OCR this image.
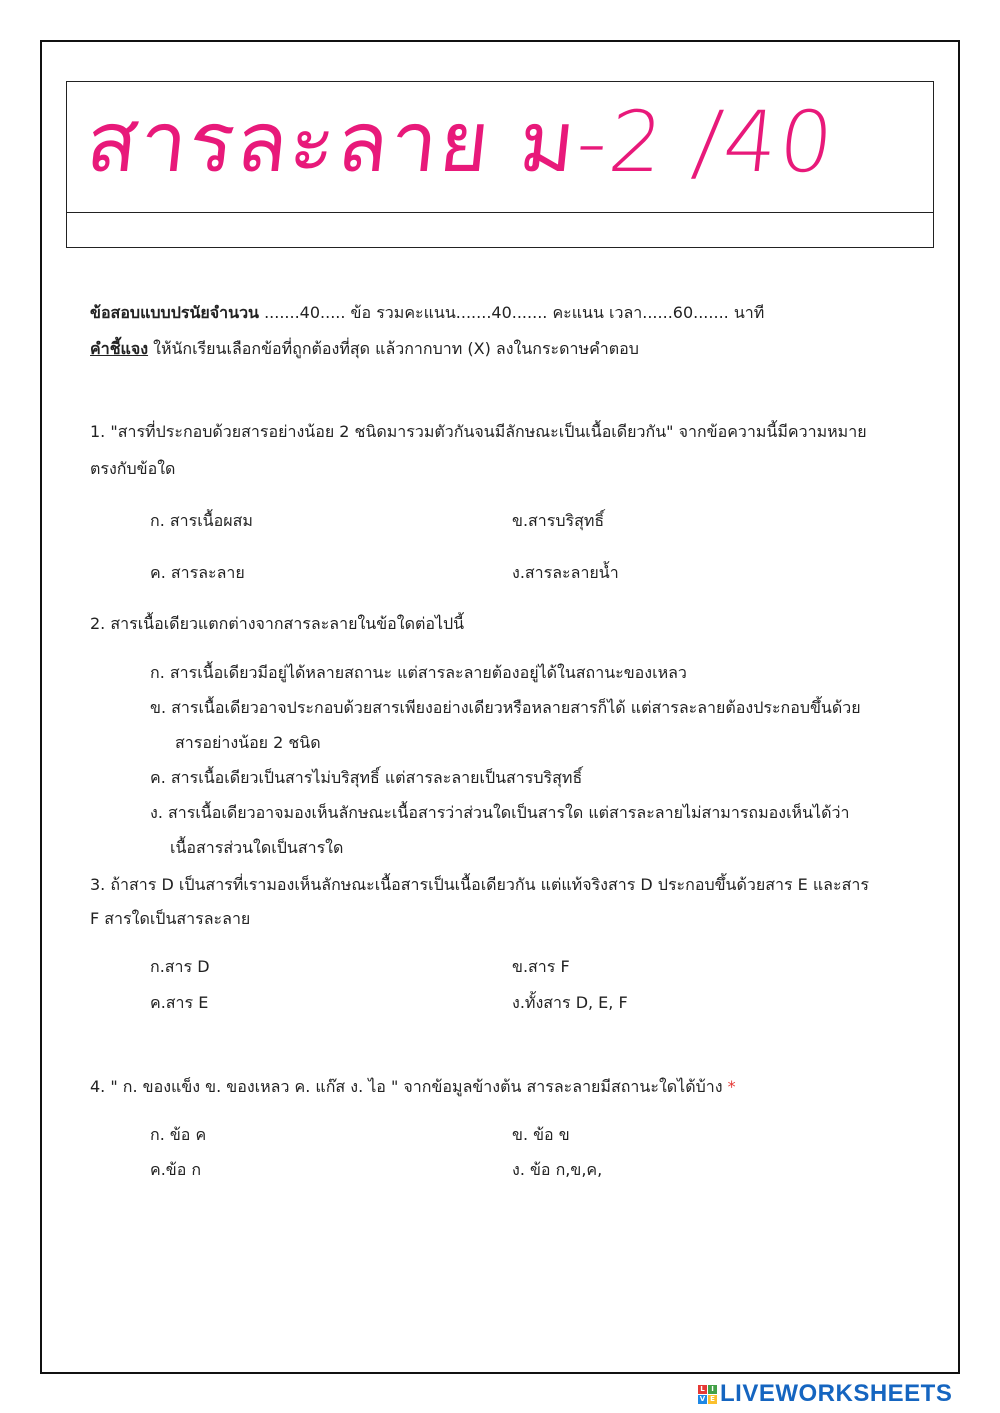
สารละลาย ม-2 /40
ข้อสอบแบบปรนัยจำนวน .......40..... ข้อ รวมคะแนน.......40....... คะแนน เวลา......60....... นาที
คำชี้แจง ให้นักเรียนเลือกข้อที่ถูกต้องที่สุด แล้วกากบาท (X) ลงในกระดาษคำตอบ
1. "สารที่ประกอบด้วยสารอย่างน้อย 2 ชนิดมารวมตัวกันจนมีลักษณะเป็นเนื้อเดียวกัน" จากข้อความนี้มีความหมาย
ตรงกับข้อใด
ก. สารเนื้อผสม	ข.สารบริสุทธิ์
ค. สารละลาย	ง.สารละลายน้ำ
2. สารเนื้อเดียวแตกต่างจากสารละลายในข้อใดต่อไปนี้
ก. สารเนื้อเดียวมีอยู่ได้หลายสถานะ แต่สารละลายต้องอยู่ได้ในสถานะของเหลว
ข. สารเนื้อเดียวอาจประกอบด้วยสารเพียงอย่างเดียวหรือหลายสารก็ได้ แต่สารละลายต้องประกอบขึ้นด้วย
สารอย่างน้อย 2 ชนิด
ค. สารเนื้อเดียวเป็นสารไม่บริสุทธิ์ แต่สารละลายเป็นสารบริสุทธิ์
ง. สารเนื้อเดียวอาจมองเห็นลักษณะเนื้อสารว่าส่วนใดเป็นสารใด แต่สารละลายไม่สามารถมองเห็นได้ว่า
เนื้อสารส่วนใดเป็นสารใด
3. ถ้าสาร D เป็นสารที่เรามองเห็นลักษณะเนื้อสารเป็นเนื้อเดียวกัน แต่แท้จริงสาร D ประกอบขึ้นด้วยสาร E และสาร
F สารใดเป็นสารละลาย
ก.สาร D	ข.สาร F
ค.สาร E	ง.ทั้งสาร D, E, F
4. " ก. ของแข็ง ข. ของเหลว ค. แก๊ส ง. ไอ " จากข้อมูลข้างต้น สารละลายมีสถานะใดได้บ้าง *
ก. ข้อ ค	ข. ข้อ ข
ค.ข้อ ก	ง. ข้อ ก,ข,ค,
L I
V E LIVEWORKSHEETS
